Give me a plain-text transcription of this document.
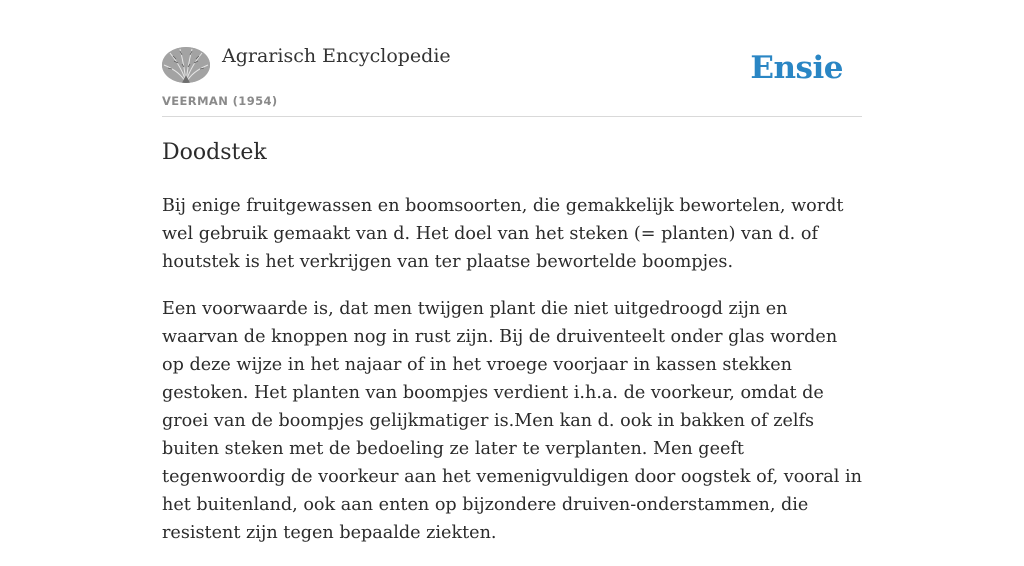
Agrarisch Encyclopedie
VEERMAN (1954)
Ensie
Doodstek

Bij enige fruitgewassen en boomsoorten, die gemakkelijk bewortelen, wordt wel gebruik gemaakt van d. Het doel van het steken (= planten) van d. of houtstek is het verkrijgen van ter plaatse bewortelde boompjes.

Een voorwaarde is, dat men twijgen plant die niet uitgedroogd zijn en waarvan de knoppen nog in rust zijn. Bij de druiventeelt onder glas worden op deze wijze in het najaar of in het vroege voorjaar in kassen stekken gestoken. Het planten van boompjes verdient i.h.a. de voorkeur, omdat de groei van de boompjes gelijkmatiger is.Men kan d. ook in bakken of zelfs buiten steken met de bedoeling ze later te verplanten. Men geeft tegenwoordig de voorkeur aan het vemenigvuldigen door oogstek of, vooral in het buitenland, ook aan enten op bijzondere druiven-onderstammen, die resistent zijn tegen bepaalde ziekten.
